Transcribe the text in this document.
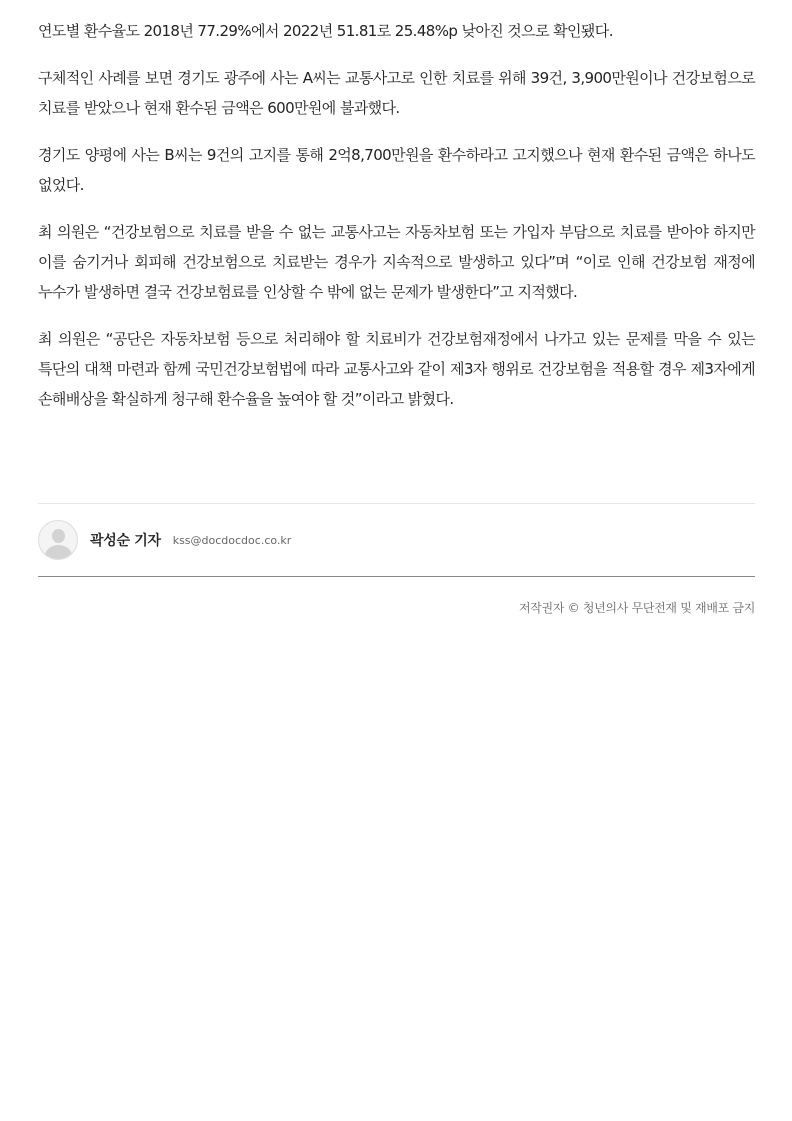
연도별 환수율도 2018년 77.29%에서 2022년 51.81로 25.48%p 낮아진 것으로 확인됐다.

구체적인 사례를 보면 경기도 광주에 사는 A씨는 교통사고로 인한 치료를 위해 39건, 3,900만원이나 건강보험으로 치료를 받았으나 현재 환수된 금액은 600만원에 불과했다.

경기도 양평에 사는 B씨는 9건의 고지를 통해 2억8,700만원을 환수하라고 고지했으나 현재 환수된 금액은 하나도 없었다.

최 의원은 “건강보험으로 치료를 받을 수 없는 교통사고는 자동차보험 또는 가입자 부담으로 치료를 받아야 하지만 이를 숨기거나 회피해 건강보험으로 치료받는 경우가 지속적으로 발생하고 있다”며 “이로 인해 건강보험 재정에 누수가 발생하면 결국 건강보험료를 인상할 수 밖에 없는 문제가 발생한다”고 지적했다.

최 의원은 “공단은 자동차보험 등으로 처리해야 할 치료비가 건강보험재정에서 나가고 있는 문제를 막을 수 있는 특단의 대책 마련과 함께 국민건강보험법에 따라 교통사고와 같이 제3자 행위로 건강보험을 적용할 경우 제3자에게 손해배상을 확실하게 청구해 환수율을 높여야 할 것”이라고 밝혔다.

곽성순 기자 kss@docdocdoc.co.kr
저작권자 © 청년의사 무단전재 및 재배포 금지
